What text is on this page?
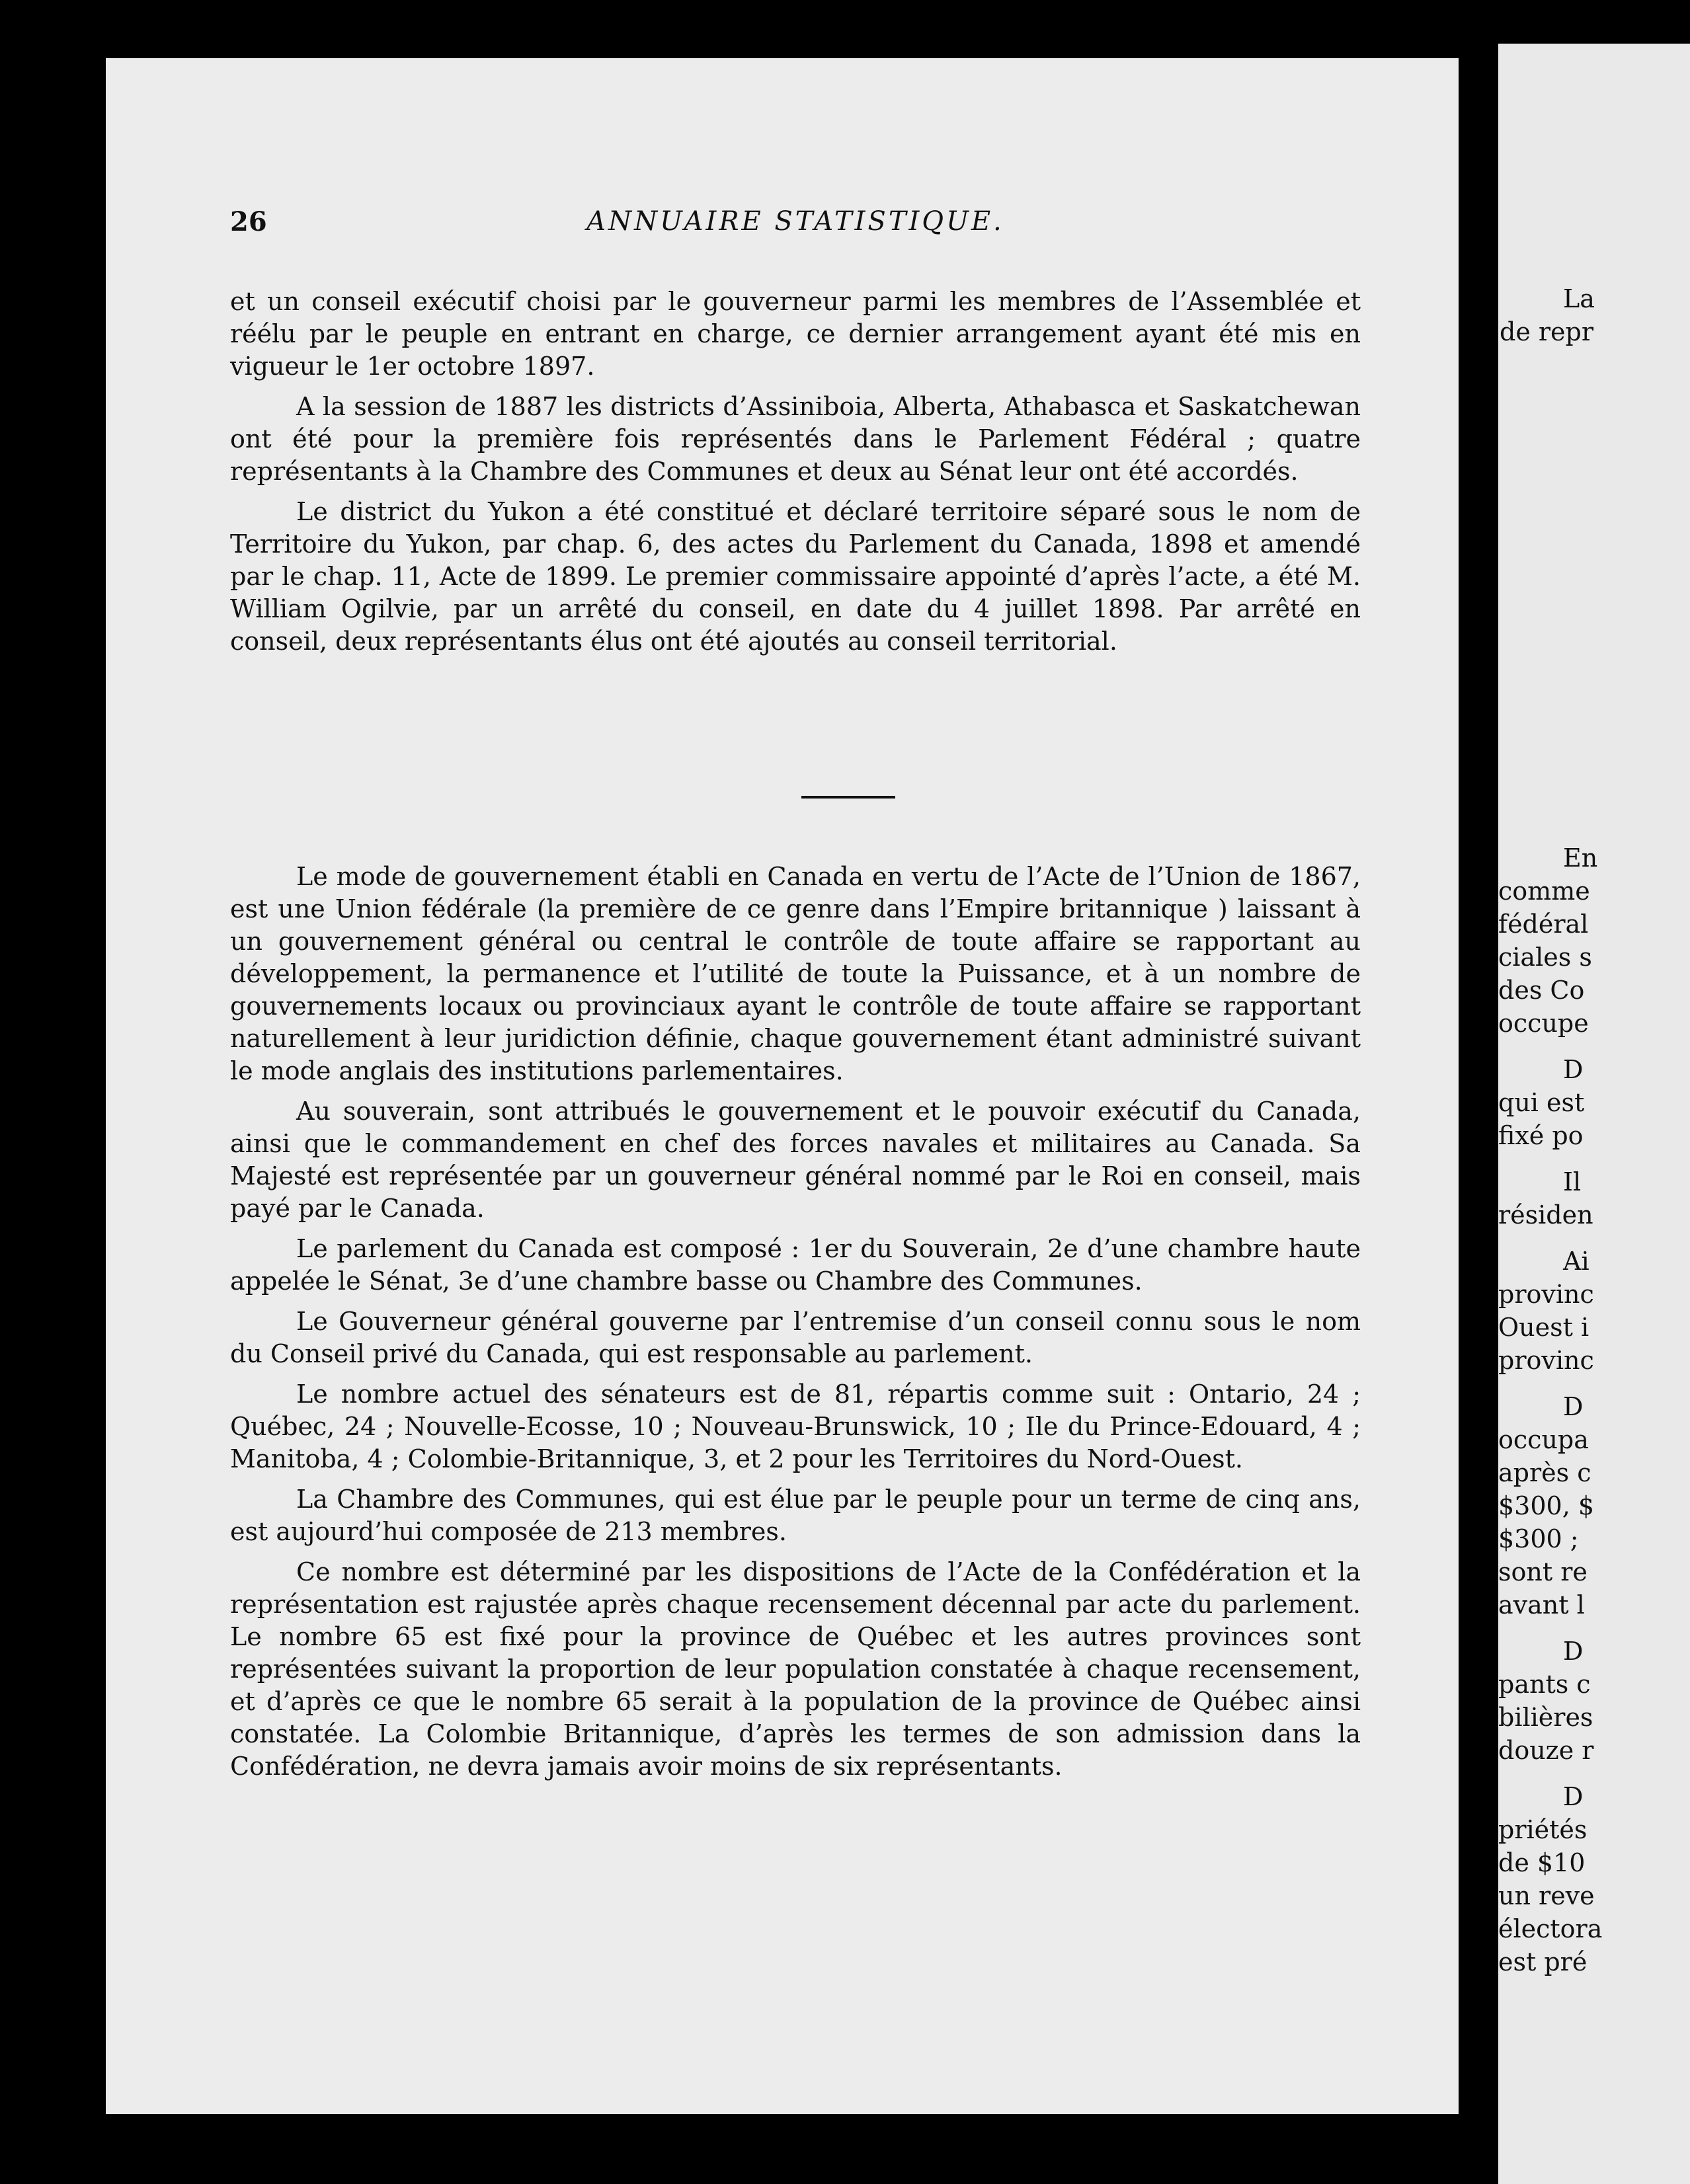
La
de repr
En
comme
fédéral
ciales s
des Co
occupe
D
qui est
fixé po
Il
résiden
Ai
provinc
Ouest i
provinc
D
occupa
après c
$300, $
$300 ;
sont re
avant l
D
pants c
bilières
douze r
D
priétés
de $10
un reve
électora
est pré
26	ANNUAIRE STATISTIQUE.

et un conseil exécutif choisi par le gouverneur parmi les membres de l’Assemblée et réélu par le peuple en entrant en charge, ce dernier arrangement ayant été mis en vigueur le 1er octobre 1897.

A la session de 1887 les districts d’Assiniboia, Alberta, Athabasca et Saskatchewan ont été pour la première fois représentés dans le Parlement Fédéral ; quatre représentants à la Chambre des Communes et deux au Sénat leur ont été accordés.

Le district du Yukon a été constitué et déclaré territoire séparé sous le nom de Territoire du Yukon, par chap. 6, des actes du Parlement du Canada, 1898 et amendé par le chap. 11, Acte de 1899. Le premier commissaire appointé d’après l’acte, a été M. William Ogilvie, par un arrêté du conseil, en date du 4 juillet 1898. Par arrêté en conseil, deux représentants élus ont été ajoutés au conseil territorial.

Le mode de gouvernement établi en Canada en vertu de l’Acte de l’Union de 1867, est une Union fédérale (la première de ce genre dans l’Empire britannique ) laissant à un gouvernement général ou central le contrôle de toute affaire se rapportant au développement, la permanence et l’utilité de toute la Puissance, et à un nombre de gouvernements locaux ou provinciaux ayant le contrôle de toute affaire se rapportant naturellement à leur juridiction définie, chaque gouvernement étant administré suivant le mode anglais des institutions parlementaires.

Au souverain, sont attribués le gouvernement et le pouvoir exécutif du Canada, ainsi que le commandement en chef des forces navales et militaires au Canada. Sa Majesté est représentée par un gouverneur général nommé par le Roi en conseil, mais payé par le Canada.

Le parlement du Canada est composé : 1er du Souverain, 2e d’une chambre haute appelée le Sénat, 3e d’une chambre basse ou Chambre des Communes.

Le Gouverneur général gouverne par l’entremise d’un conseil connu sous le nom du Conseil privé du Canada, qui est responsable au parlement.

Le nombre actuel des sénateurs est de 81, répartis comme suit : Ontario, 24 ; Québec, 24 ; Nouvelle-Ecosse, 10 ; Nouveau-Brunswick, 10 ; Ile du Prince-Edouard, 4 ; Manitoba, 4 ; Colombie-Britannique, 3, et 2 pour les Territoires du Nord-Ouest.

La Chambre des Communes, qui est élue par le peuple pour un terme de cinq ans, est aujourd’hui composée de 213 membres.

Ce nombre est déterminé par les dispositions de l’Acte de la Confédération et la représentation est rajustée après chaque recensement décennal par acte du parlement. Le nombre 65 est fixé pour la province de Québec et les autres provinces sont représentées suivant la proportion de leur population constatée à chaque recensement, et d’après ce que le nombre 65 serait à la population de la province de Québec ainsi constatée. La Colombie Britannique, d’après les termes de son admission dans la Confédération, ne devra jamais avoir moins de six représentants.
